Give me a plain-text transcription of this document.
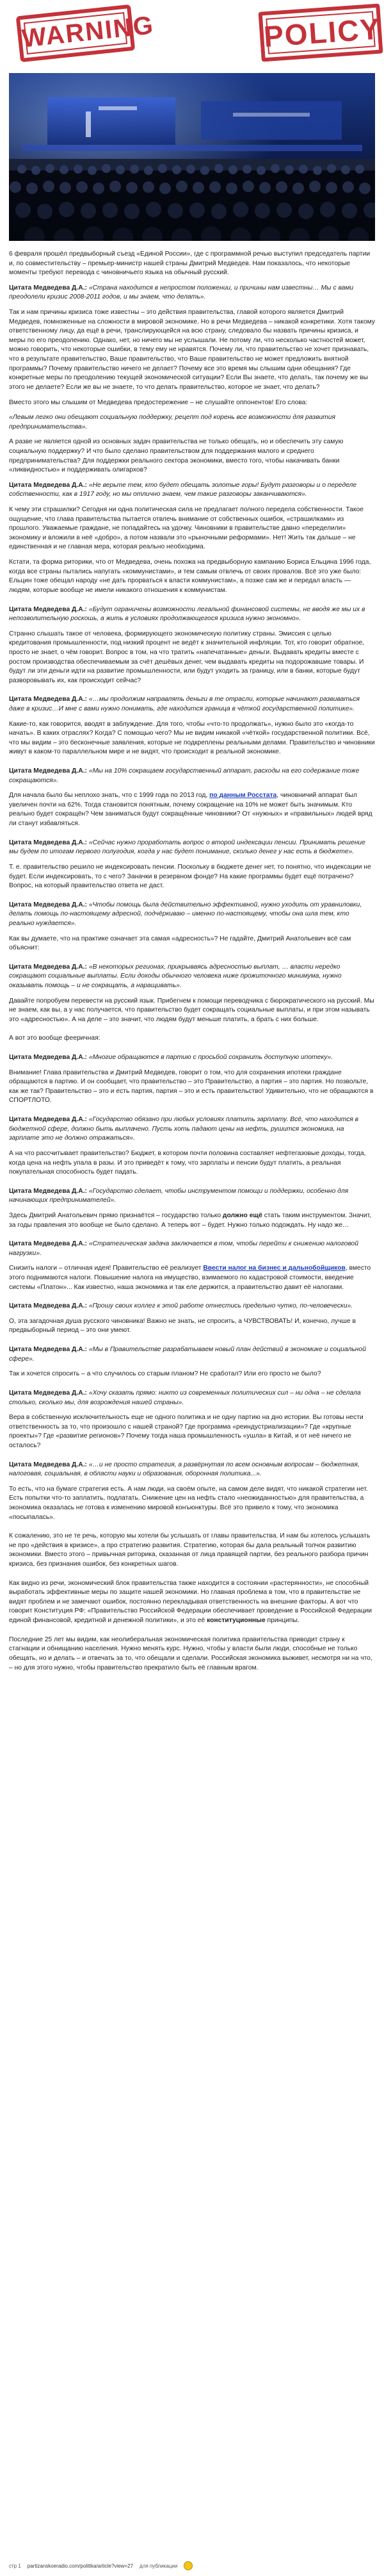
WARNING	POLICY

6 февраля прошёл предвыборный съезд «Единой России», где с программной речью выступил председатель партии и, по совместительству – премьер-министр нашей страны Дмитрий Медведев. Нам показалось, что некоторые моменты требуют перевода с чиновничьего языка на обычный русский.

Цитата Медведева Д.А.: «Страна находится в непростом положении, и причины нам известны… Мы с вами преодолели кризис 2008-2011 годов, и мы знаем, что делать».

Так и нам причины кризиса тоже известны – это действия правительства, главой которого является Дмитрий Медведев, помноженные на сложности в мировой экономике. Но в речи Медведева – никакой конкретики. Хотя такому ответственному лицу, да ещё в речи, транслирующейся на всю страну, следовало бы назвать причины кризиса, и меры по его преодолению. Однако, нет, но ничего мы не услышали. Не потому ли, что несколько частностей может, можно говорить, что некоторые ошибки, в тему ему не нравятся. Почему ли, что правительство не хочет признавать, что в результате правительство, Ваше правительство, что Ваше правительство не может предложить внятной программы? Почему правительство ничего не делает? Почему все это время мы слышим одни обещания? Где конкретные меры по преодолению текущей экономической ситуации? Если Вы знаете, что делать, так почему же вы этого не делаете? Если же вы не знаете, то что делать правительство, которое не знает, что делать?

Вместо этого мы слышим от Медведева предостережение – не слушайте оппонентов! Его слова:

«Левым легко они обещают социальную поддержку, рецепт под корень все возможности для развития предпринимательства».

А разве не является одной из основных задач правительства не только обещать, но и обеспечить эту самую социальную поддержку? И что было сделано правительством для поддержания малого и среднего предпринимательства? Для поддержки реального сектора экономики, вместо того, чтобы накачивать банки «ликвидностью» и поддерживать олигархов?

Цитата Медведева Д.А.: «Не верьте тем, кто будет обещать золотые горы! Будут разговоры и о переделе собственности, как в 1917 году, но мы отлично знаем, чем такие разговоры заканчиваются».

К чему эти страшилки? Сегодня ни одна политическая сила не предлагает полного передела собственности. Такое ощущение, что глава правительства пытается отвлечь внимание от собственных ошибок, «страшилками» из прошлого. Уважаемые граждане, не попадайтесь на удочку. Чиновники в правительстве давно «переделили» экономику и вложили в неё «добро», а потом назвали это «рыночными реформами». Нет! Жить так дальше – не единственная и не главная мера, которая реально необходима.

Кстати, та форма риторики, что от Медведева, очень похожа на предвыборную кампанию Бориса Ельцина 1996 года, когда все страны пытались напугать «коммунистами», и тем самым отвлечь от своих провалов. Всё это уже было: Ельцин тоже обещал народу «не дать прорваться к власти коммунистам», а позже сам же и передал власть — людям, которые вообще не имели никакого отношения к коммунистам.

Цитата Медведева Д.А.: «Будут ограничены возможности легальной финансовой системы, не вводя же мы их в непозволительную роскошь, а жить в условиях продолжающегося кризиса нужно экономно».

Странно слышать такое от человека, формирующего экономическую политику страны. Эмиссия с целью кредитования промышленности, под низкий процент не ведёт к значительной инфляции. Тот, кто говорит обратное, просто не знает, о чём говорит. Вопрос в том, на что тратить «напечатанные» деньги. Выдавать кредиты вместе с ростом производства обеспечиваемым за счёт дешёвых денег, чем выдавать кредиты на подорожавшие товары. И будут ли эти деньги идти на развитие промышленности, или будут уходить за границу, или в банки, которые будут разворовывать их, как происходит сейчас?

Цитата Медведева Д.А.: «…мы продолжим направлять деньги в те отрасли, которые начинают развиваться даже в кризис…И мне с вами нужно понимать, где находится граница в чёткой государственной политике».

Какие-то, как говорится, вводят в заблуждение. Для того, чтобы «что-то продолжать», нужно было это «когда-то начать». В каких отраслях? Когда? С помощью чего? Мы не видим никакой «чёткой» государственной политики. Всё, что мы видим – это бесконечные заявления, которые не подкреплены реальными делами. Правительство и чиновники живут в каком-то параллельном мире и не видят, что происходит в реальной экономике.

Цитата Медведева Д.А.: «Мы на 10% сокращаем государственный аппарат, расходы на его содержание тоже сокращаются».

Для начала было бы неплохо знать, что с 1999 года по 2013 год, по данным Росстата, чиновничий аппарат был увеличен почти на 62%. Тогда становится понятным, почему сокращение на 10% не может быть значимым. Кто реально будет сокращён? Чем заниматься будут сокращённые чиновники? От «нужных» и «правильных» людей вряд ли станут избавляться.

Цитата Медведева Д.А.: «Сейчас нужно проработать вопрос о второй индексации пенсии. Принимать решение мы будем по итогам первого полугодия, когда у нас будет понимание, сколько денег у нас есть в бюджете».

Т. е. правительство решило не индексировать пенсии. Поскольку в бюджете денег нет, то понятно, что индексации не будет. Если индексировать, то с чего? Заначки в резервном фонде? На какие программы будет ещё потрачено? Вопрос, на который правительство ответа не даст.

Цитата Медведева Д.А.: «Чтобы помощь была действительно эффективной, нужно уходить от уравниловки, делать помощь по-настоящему адресной, подчёркиваю – именно по-настоящему, чтобы она шла тем, кто реально нуждается».

Как вы думаете, что на практике означает эта самая «адресность»? Не гадайте, Дмитрий Анатольевич всё сам объяснит:

Цитата Медведева Д.А.: «В некоторых регионах, прикрываясь адресностью выплат, … власти нередко сокращают социальные выплаты. Если доходы обычного человека ниже прожиточного минимума, нужно оказывать помощь – и не сокращать, а наращивать».

Давайте попробуем перевести на русский язык. Прибегнем к помощи переводчика с бюрократического на русский. Мы не знаем, как вы, а у нас получается, что правительство будет сокращать социальные выплаты, и при этом называть это «адресностью». А на деле – это значит, что людям будут меньше платить, а брать с них больше.

А вот это вообще фееричная:

Цитата Медведева Д.А.: «Многие обращаются в партию с просьбой сохранить доступную ипотеку».

Внимание! Глава правительства и Дмитрий Медведев, говорит о том, что для сохранения ипотеки граждане обращаются в партию. И он сообщает, что правительство – это Правительство, а партия – это партия. Но позвольте, как же так? Правительство – это и есть партия, партия – это и есть правительство! Удивительно, что не обращаются в СПОРТЛОТО.

Цитата Медведева Д.А.: «Государство обязано при любых условиях платить зарплату. Всё, что находится в бюджетной сфере, должно быть выплачено. Пусть хоть падают цены на нефть, рушится экономика, на зарплате это не должно отражаться».

А на что рассчитывает правительство? Бюджет, в котором почти половина составляет нефтегазовые доходы, тогда, когда цена на нефть упала в разы. И это приведёт к тому, что зарплаты и пенсии будут платить, а реальная покупательная способность будет падать.

Цитата Медведева Д.А.: «Государство сделает, чтобы инструментом помощи и поддержки, особенно для начинающих предпринимателей».

Здесь Дмитрий Анатольевич прямо признаётся – государство только должно ещё стать таким инструментом. Значит, за годы правления это вообще не было сделано. А теперь вот – будет. Нужно только подождать. Ну надо же…

Цитата Медведева Д.А.: «Стратегическая задача заключается в том, чтобы перейти к снижению налоговой нагрузки».

Снизить налоги – отличная идея! Правительство её реализует Ввести налог на бизнес и дальнобойщиков, вместо этого поднимаются налоги. Повышение налога на имущество, взимаемого по кадастровой стоимости, введение системы «Платон»... Как известно, наша экономика и так еле держится, а правительство давит её налогами.

Цитата Медведева Д.А.: «Прошу своих коллег к этой работе отнестись предельно чутко, по-человечески».

О, эта загадочная душа русского чиновника! Важно не знать, не спросить, а ЧУВСТВОВАТЬ! И, конечно, лучше в предвыборный период – это они умеют.

Цитата Медведева Д.А.: «Мы в Правительстве разрабатываем новый план действий в экономике и социальной сфере».

Так и хочется спросить – а что случилось со старым планом? Не сработал? Или его просто не было?

Цитата Медведева Д.А.: «Хочу сказать прямо: никто из современных политических сил – ни одна – не сделала столько, сколько мы, для возрождения нашей страны».

Вера в собственную исключительность еще не одного политика и не одну партию на дно истории. Вы готовы нести ответственность за то, что произошло с нашей страной? Где программа «реиндустриализации»? Где «крупные проекты»? Где «развитие регионов»? Почему тогда наша промышленность «ушла» в Китай, и от неё ничего не осталось?

Цитата Медведева Д.А.: «…и не просто стратегия, а развёрнутая по всем основным вопросам – бюджетная, налоговая, социальная, в области науки и образования, оборонная политика...».

То есть, что на бумаге стратегия есть. А нам люди, на своём опыте, на самом деле видят, что никакой стратегии нет. Есть попытки что-то заплатить, подлатать. Снижение цен на нефть стало «неожиданностью» для правительства, а экономика оказалась не готова к изменению мировой конъюнктуры. Всё это привело к тому, что экономика «посыпалась».

К сожалению, это не те речь, которую мы хотели бы услышать от главы правительства. И нам бы хотелось услышать не про «действия в кризисе», а про стратегию развития. Стратегию, которая бы дала реальный толчок развитию экономики. Вместо этого – привычная риторика, сказанная от лица правящей партии, без реального разбора причин кризиса, без признания ошибок, без конкретных шагов.

Как видно из речи, экономический блок правительства также находится в состоянии «растерянности», не способный выработать эффективные меры по защите нашей экономики. Но главная проблема в том, что в правительстве не видят проблем и не замечают ошибок, постоянно перекладывая ответственность на внешние факторы. А вот что говорит Конституция РФ: «Правительство Российской Федерации обеспечивает проведение в Российской Федерации единой финансовой, кредитной и денежной политики», и это её конституционные принципы.

Последние 25 лет мы видим, как неолиберальная экономическая политика правительства приводит страну к стагнации и обнищанию населения. Нужно менять курс. Нужно, чтобы у власти были люди, способные не только обещать, но и делать – и отвечать за то, что обещали и сделали. Российская экономика выживет, несмотря ни на что, – но для этого нужно, чтобы правительство прекратило быть её главным врагом.

стр 1 partizanskoeradio.com/politika/article?view=27 для публикации
